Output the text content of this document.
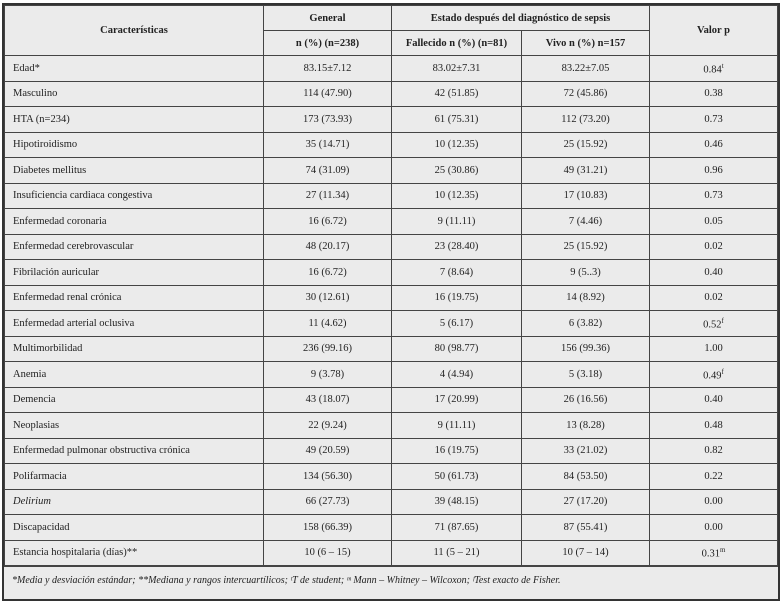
Características	General	Estado después del diagnóstico de sepsis		Valor p
	n (%) (n=238)	Fallecido n (%) (n=81)	Vivo n (%) n=157	
Edad*	83.15±7.12	83.02±7.31	83.22±7.05	0.84$^t$
Masculino	114 (47.90)	42 (51.85)	72 (45.86)	0.38
HTA (n=234)	173 (73.93)	61 (75.31)	112 (73.20)	0.73
Hipotiroidismo	35 (14.71)	10 (12.35)	25 (15.92)	0.46
Diabetes mellitus	74 (31.09)	25 (30.86)	49 (31.21)	0.96
Insuficiencia cardiaca congestiva	27 (11.34)	10 (12.35)	17 (10.83)	0.73
Enfermedad coronaria	16 (6.72)	9 (11.11)	7 (4.46)	0.05
Enfermedad cerebrovascular	48 (20.17)	23 (28.40)	25 (15.92)	0.02
Fibrilación auricular	16 (6.72)	7 (8.64)	9 (5..3)	0.40
Enfermedad renal crónica	30 (12.61)	16 (19.75)	14 (8.92)	0.02
Enfermedad arterial oclusiva	11 (4.62)	5 (6.17)	6 (3.82)	0.52$^f$
Multimorbilidad	236 (99.16)	80 (98.77)	156 (99.36)	1.00
Anemia	9 (3.78)	4 (4.94)	5 (3.18)	0.49$^f$
Demencia	43 (18.07)	17 (20.99)	26 (16.56)	0.40
Neoplasias	22 (9.24)	9 (11.11)	13 (8.28)	0.48
Enfermedad pulmonar obstructiva crónica	49 (20.59)	16 (19.75)	33 (21.02)	0.82
Polifarmacia	134 (56.30)	50 (61.73)	84 (53.50)	0.22
Delirium	66 (27.73)	39 (48.15)	27 (17.20)	0.00
Discapacidad	158 (66.39)	71 (87.65)	87 (55.41)	0.00
Estancia hospitalaria (días)**	10 (6 – 15)	11 (5 – 21)	10 (7 – 14)	0.31$^m$
*Media y desviación estándar; **Mediana y rangos intercuartílicos; ᵗT de student; ᵐ Mann – Whitney – Wilcoxon; ᶠTest exacto de Fisher.
